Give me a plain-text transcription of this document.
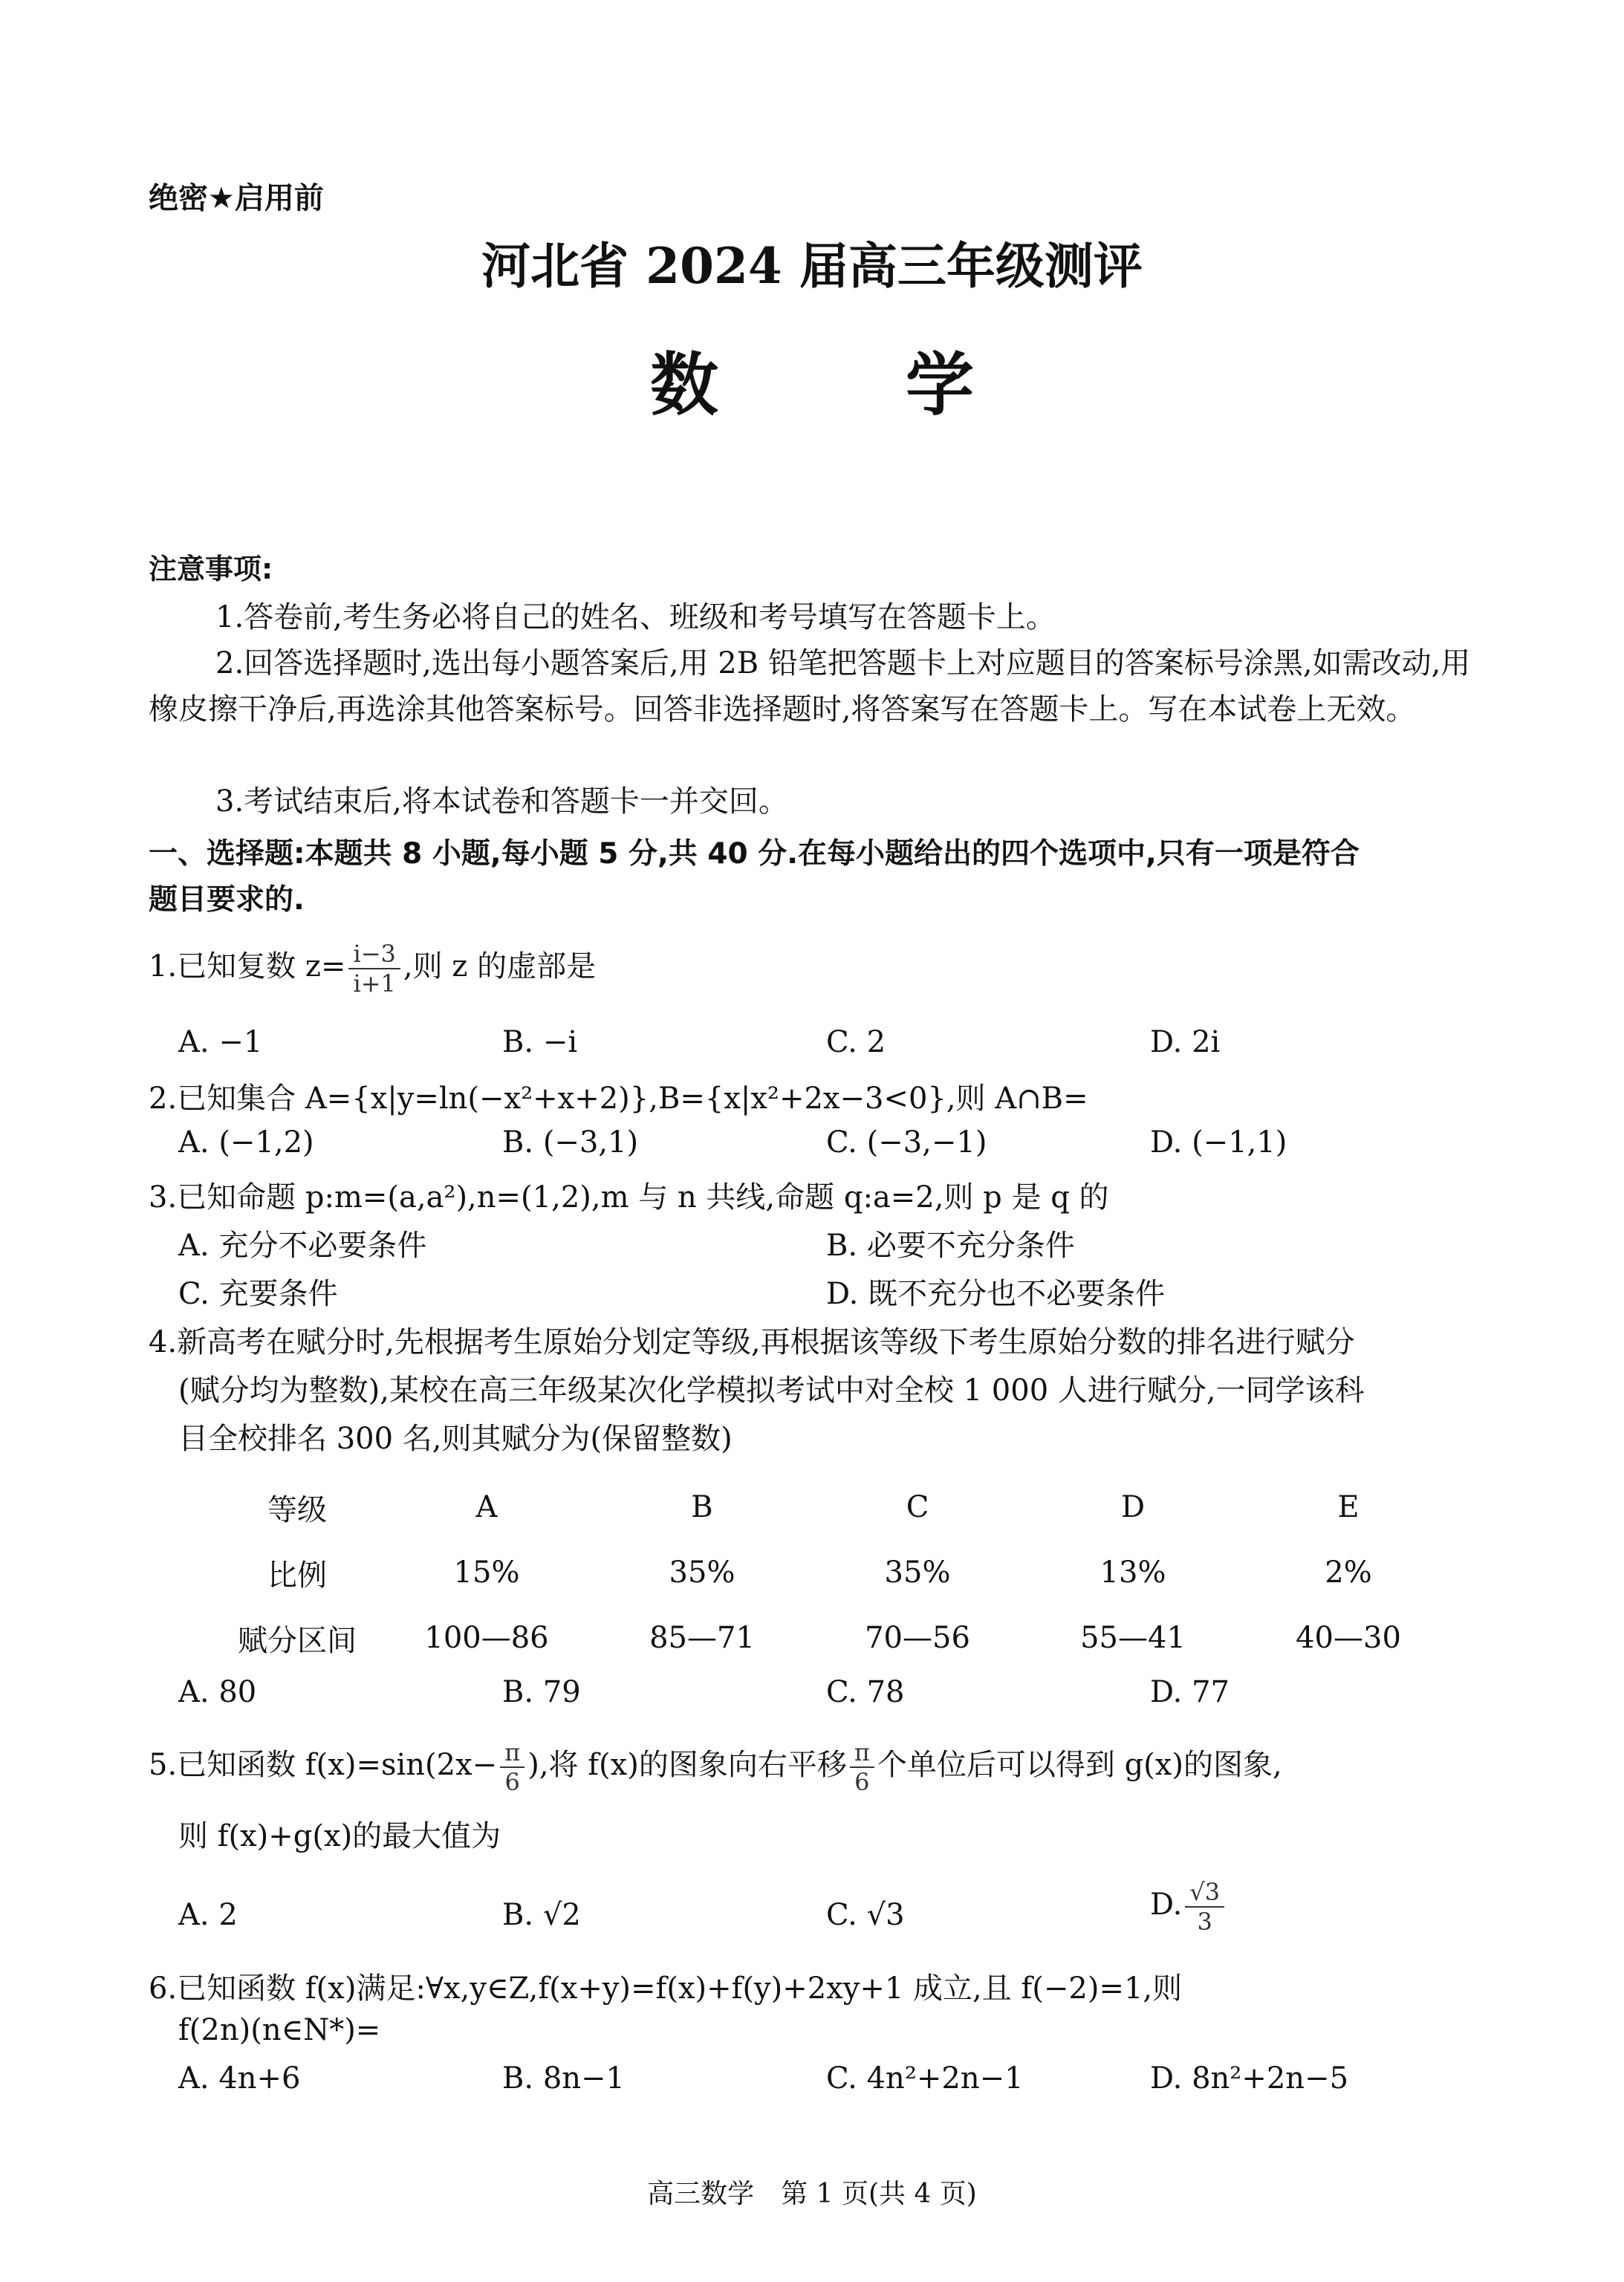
绝密★启用前
河北省 2024 届高三年级测评
数 学
注意事项:
1.答卷前,考生务必将自己的姓名、班级和考号填写在答题卡上。
2.回答选择题时,选出每小题答案后,用 2B 铅笔把答题卡上对应题目的答案标号涂黑,如需改动,用橡皮擦干净后,再选涂其他答案标号。回答非选择题时,将答案写在答题卡上。写在本试卷上无效。
3.考试结束后,将本试卷和答题卡一并交回。
一、选择题:本题共 8 小题,每小题 5 分,共 40 分.在每小题给出的四个选项中,只有一项是符合
题目要求的.
1.已知复数 $z= \frac{i-3}{i+1}$ ,则 z 的虚部是
A. −1	B. −i	C. 2	D. 2i
2.已知集合 A={x|y=ln(−x²+x+2)},B={x|x²+2x−3<0},则 A∩B=
A. (−1,2)	B. (−3,1)	C. (−3,−1)	D. (−1,1)
3.已知命题 p:m=(a,a²),n=(1,2),m 与 n 共线,命题 q:a=2,则 p 是 q 的
A. 充分不必要条件	B. 必要不充分条件
C. 充要条件	D. 既不充分也不必要条件
4.新高考在赋分时,先根据考生原始分划定等级,再根据该等级下考生原始分数的排名进行赋分
(赋分均为整数),某校在高三年级某次化学模拟考试中对全校 1 000 人进行赋分,一同学该科
目全校排名 300 名,则其赋分为(保留整数)
等级	A	B	C	D	E
比例	15%	35%	35%	13%	2%
赋分区间	100—86	85—71	70—56	55—41	40—30
A. 80	B. 79	C. 78	D. 77
5.已知函数 $f(x)=\sin(2x- \frac{\pi}{6}$ ),将 f(x)的图象向右平移 $\frac{\pi}{6}$ 个单位后可以得到 g(x)的图象,
则 f(x)+g(x)的最大值为
A. 2	B. √2	C. √3	D. $\frac{√3}{3}$
6.已知函数 f(x)满足:∀x,y∈Z,f(x+y)=f(x)+f(y)+2xy+1 成立,且 f(−2)=1,则
f(2n)(n∈N*)=
A. 4n+6	B. 8n−1	C. 4n²+2n−1	D. 8n²+2n−5
高三数学　第 1 页(共 4 页)
